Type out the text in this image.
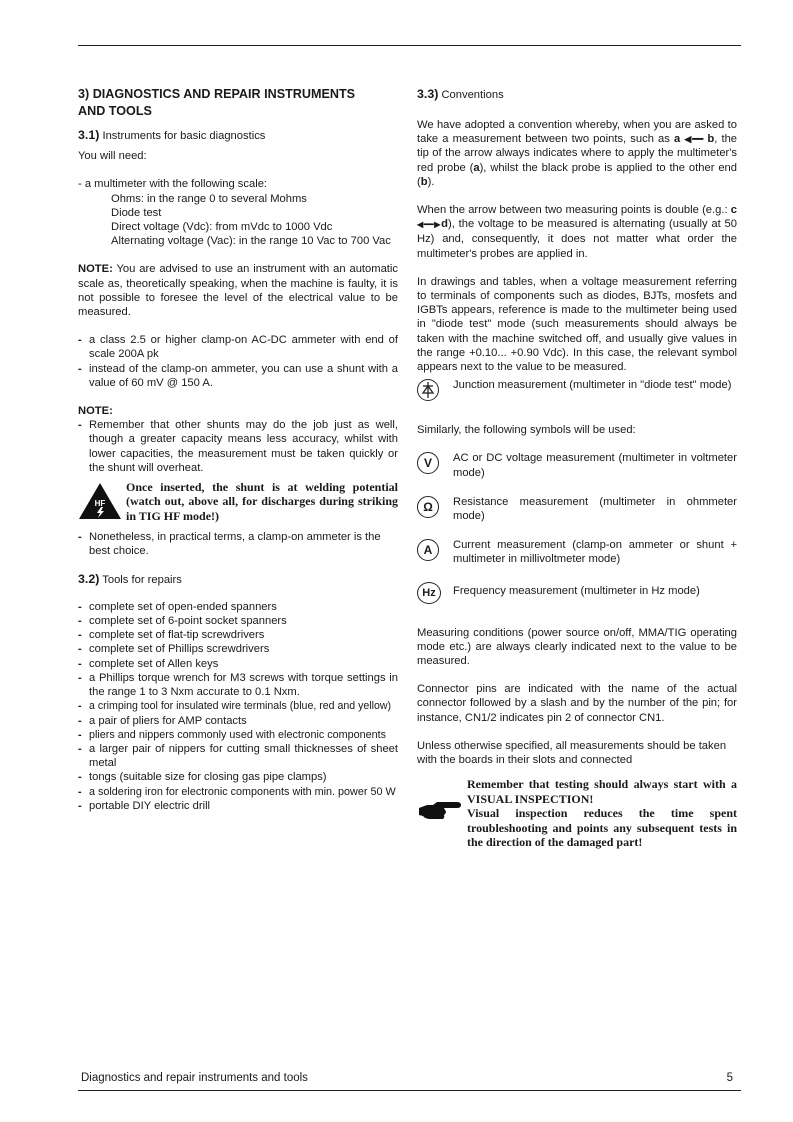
3) DIAGNOSTICS AND REPAIR INSTRUMENTS AND TOOLS

3.1) Instruments for basic diagnostics

You will need:

- a multimeter with the following scale:

Ohms: in the range 0 to several Mohms

Diode test

Direct voltage (Vdc): from mVdc to 1000 Vdc

Alternating voltage (Vac): in the range 10 Vac to 700 Vac

NOTE: You are advised to use an instrument with an automatic scale as, theoretically speaking, when the machine is faulty, it is not possible to foresee the level of the electrical value to be measured.

- a class 2.5 or higher clamp-on AC-DC ammeter with end of scale 200A pk
- instead of the clamp-on ammeter, you can use a shunt with a value of 60 mV @ 150 A.

NOTE:

- Remember that other shunts may do the job just as well, though a greater capacity means less accuracy, whilst with lower capacities, the measurement must be taken quickly or the shunt will overheat.
HF
Once inserted, the shunt is at welding potential (watch out, above all, for discharges during striking in TIG HF mode!)
- Nonetheless, in practical terms, a clamp-on ammeter is the best choice.

3.2) Tools for repairs

- complete set of open-ended spanners
- complete set of 6-point socket spanners
- complete set of flat-tip screwdrivers
- complete set of Phillips screwdrivers
- complete set of Allen keys
- a Phillips torque wrench for M3 screws with torque settings in the range 1 to 3 Nxm accurate to 0.1 Nxm.
- a crimping tool for insulated wire terminals (blue, red and yellow)
- a pair of pliers for AMP contacts
- pliers and nippers commonly used with electronic components
- a larger pair of nippers for cutting small thicknesses of sheet metal
- tongs (suitable size for closing gas pipe clamps)
- a soldering iron for electronic components with min. power 50 W
- portable DIY electric drill

3.3) Conventions

We have adopted a convention whereby, when you are asked to take a measurement between two points, such as a ◀━━ b, the tip of the arrow always indicates where to apply the multimeter's red probe (a), whilst the black probe is applied to the other end (b).

When the arrow between two measuring points is double (e.g.: c ◀━━▶d), the voltage to be measured is alternating (usually at 50 Hz) and, consequently, it does not matter what order the multimeter's probes are applied in.

In drawings and tables, when a voltage measurement referring to terminals of components such as diodes, BJTs, mosfets and IGBTs appears, reference is made to the multimeter being used in "diode test" mode (such measurements should always be taken with the machine switched off, and usually give values in the range +0.10... +0.90 Vdc). In this case, the relevant symbol appears next to the value to be measured.

Junction measurement (multimeter in "diode test" mode)

Similarly, the following symbols will be used:

V	AC or DC voltage measurement (multimeter in voltmeter mode)
Ω	Resistance measurement (multimeter in ohmmeter mode)
A	Current measurement (clamp-on ammeter or shunt + multimeter in millivoltmeter mode)
Hz	Frequency measurement (multimeter in Hz mode)

Measuring conditions (power source on/off, MMA/TIG operating mode etc.) are always clearly indicated next to the value to be measured.

Connector pins are indicated with the name of the actual connector followed by a slash and by the number of the pin; for instance, CN1/2 indicates pin 2 of connector CN1.

Unless otherwise specified, all measurements should be taken with the boards in their slots and connected

Remember that testing should always start with a VISUAL INSPECTION!

Visual inspection reduces the time spent troubleshooting and points any subsequent tests in the direction of the damaged part!

Diagnostics and repair instruments and tools	5
